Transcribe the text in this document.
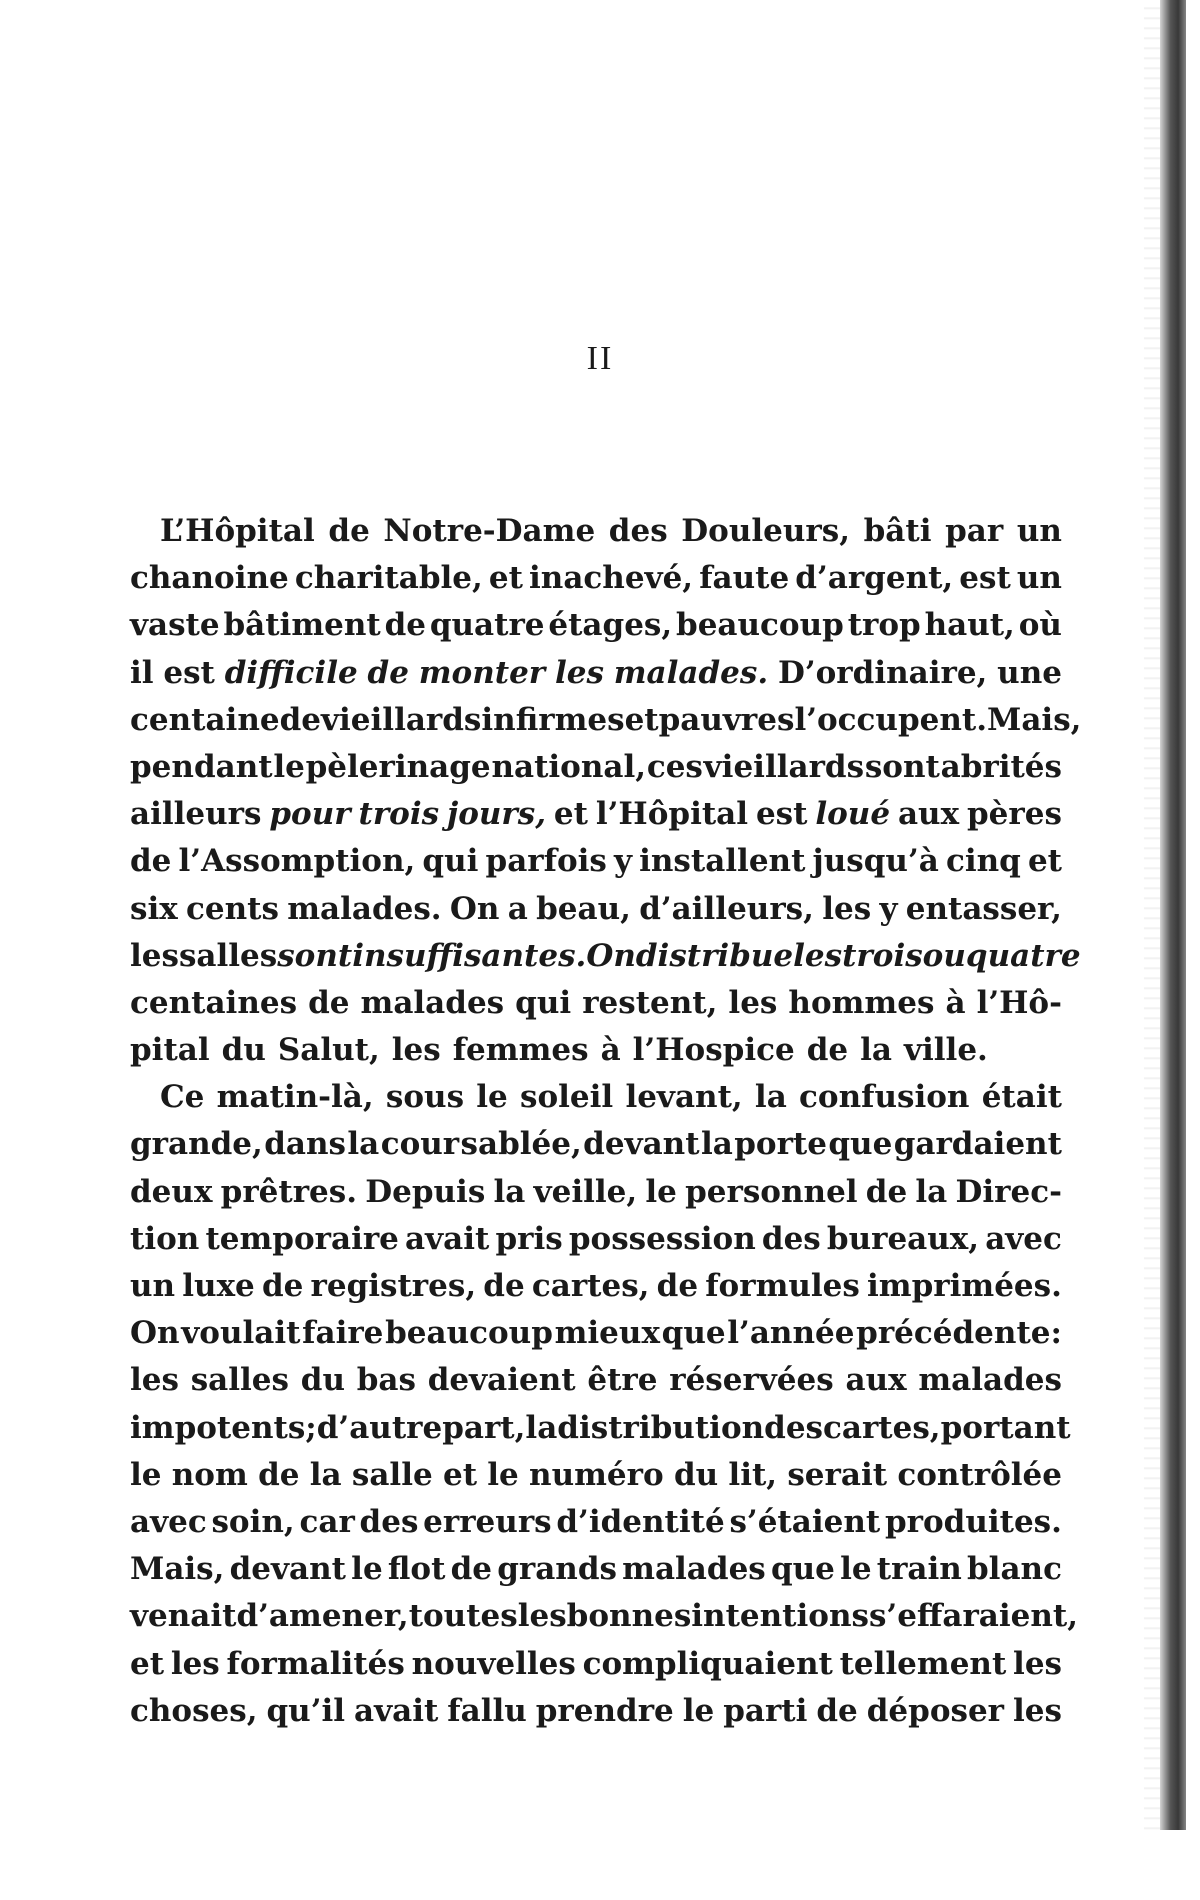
II
L’Hôpital de Notre-Dame des Douleurs, bâti par un
chanoine charitable, et inachevé, faute d’argent, est un
vaste bâtiment de quatre étages, beaucoup trop haut, où
il est difficile de monter les malades. D’ordinaire, une
centaine de vieillards infirmes et pauvres l’occupent. Mais,
pendant le pèlerinage national, ces vieillards sont abrités
ailleurs pour trois jours, et l’Hôpital est loué aux pères
de l’Assomption, qui parfois y installent jusqu’à cinq et
six cents malades. On a beau, d’ailleurs, les y entasser,
les salles sont insuffisantes. On distribue les trois ou quatre
centaines de malades qui restent, les hommes à l’Hô-
pital du Salut, les femmes à l’Hospice de la ville.
Ce matin-là, sous le soleil levant, la confusion était
grande, dans la cour sablée, devant la porte que gardaient
deux prêtres. Depuis la veille, le personnel de la Direc-
tion temporaire avait pris possession des bureaux, avec
un luxe de registres, de cartes, de formules imprimées.
On voulait faire beaucoup mieux que l’année précédente:
les salles du bas devaient être réservées aux malades
impotents; d’autre part, la distribution des cartes, portant
le nom de la salle et le numéro du lit, serait contrôlée
avec soin, car des erreurs d’identité s’étaient produites.
Mais, devant le flot de grands malades que le train blanc
venait d’amener, toutes les bonnes intentions s’effaraient,
et les formalités nouvelles compliquaient tellement les
choses, qu’il avait fallu prendre le parti de déposer les
